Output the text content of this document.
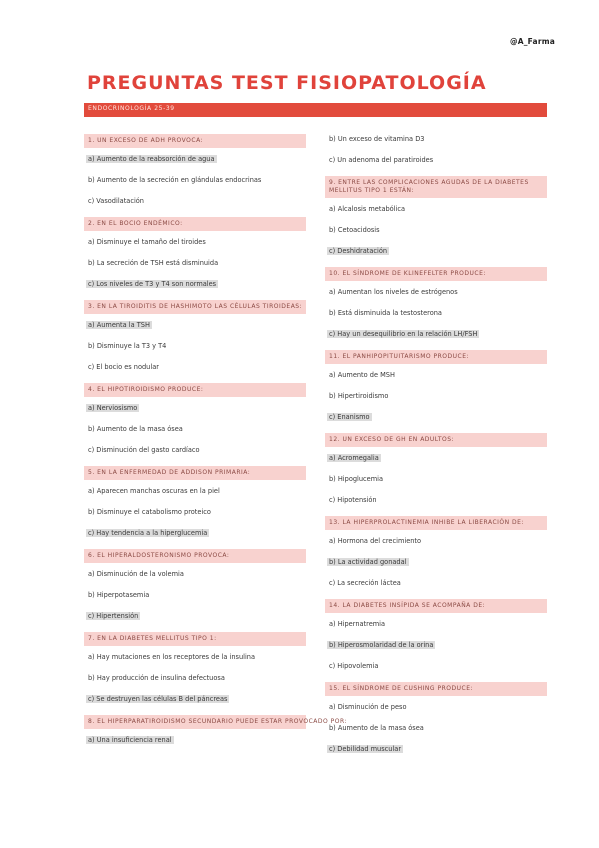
@A_Farma
PREGUNTAS TEST FISIOPATOLOGÍA
ENDOCRINOLOGÍA 25-39
1. UN EXCESO DE ADH PROVOCA:
a) Aumento de la reabsorción de agua
b) Aumento de la secreción en glándulas endocrinas
c) Vasodilatación
2. EN EL BOCIO ENDÉMICO:
a) Disminuye el tamaño del tiroides
b) La secreción de TSH está disminuida
c) Los niveles de T3 y T4 son normales
3. EN LA TIROIDITIS DE HASHIMOTO LAS CÉLULAS TIROIDEAS:
a) Aumenta la TSH
b) Disminuye la T3 y T4
c) El bocio es nodular
4. EL HIPOTIROIDISMO PRODUCE:
a) Nerviosismo
b) Aumento de la masa ósea
c) Disminución del gasto cardíaco
5. EN LA ENFERMEDAD DE ADDISON PRIMARIA:
a) Aparecen manchas oscuras en la piel
b) Disminuye el catabolismo proteico
c) Hay tendencia a la hiperglucemia
6. EL HIPERALDOSTERONISMO PROVOCA:
a) Disminución de la volemia
b) Hiperpotasemia
c) Hipertensión
7. EN LA DIABETES MELLITUS TIPO 1:
a) Hay mutaciones en los receptores de la insulina
b) Hay producción de insulina defectuosa
c) Se destruyen las células B del páncreas
8. EL HIPERPARATIROIDISMO SECUNDARIO PUEDE ESTAR PROVOCADO POR:
a) Una insuficiencia renal
b) Un exceso de vitamina D3
c) Un adenoma del paratiroides
9. ENTRE LAS COMPLICACIONES AGUDAS DE LA DIABETES MELLITUS TIPO 1 ESTÁN:
a) Alcalosis metabólica
b) Cetoacidosis
c) Deshidratación
10. EL SÍNDROME DE KLINEFELTER PRODUCE:
a) Aumentan los niveles de estrógenos
b) Está disminuida la testosterona
c) Hay un desequilibrio en la relación LH/FSH
11. EL PANHIPOPITUITARISMO PRODUCE:
a) Aumento de MSH
b) Hipertiroidismo
c) Enanismo
12. UN EXCESO DE GH EN ADULTOS:
a) Acromegalia
b) Hipoglucemia
c) Hipotensión
13. LA HIPERPROLACTINEMIA INHIBE LA LIBERACIÓN DE:
a) Hormona del crecimiento
b) La actividad gonadal
c) La secreción láctea
14. LA DIABETES INSÍPIDA SE ACOMPAÑA DE:
a) Hipernatremia
b) Hiperosmolaridad de la orina
c) Hipovolemia
15. EL SÍNDROME DE CUSHING PRODUCE:
a) Disminución de peso
b) Aumento de la masa ósea
c) Debilidad muscular
